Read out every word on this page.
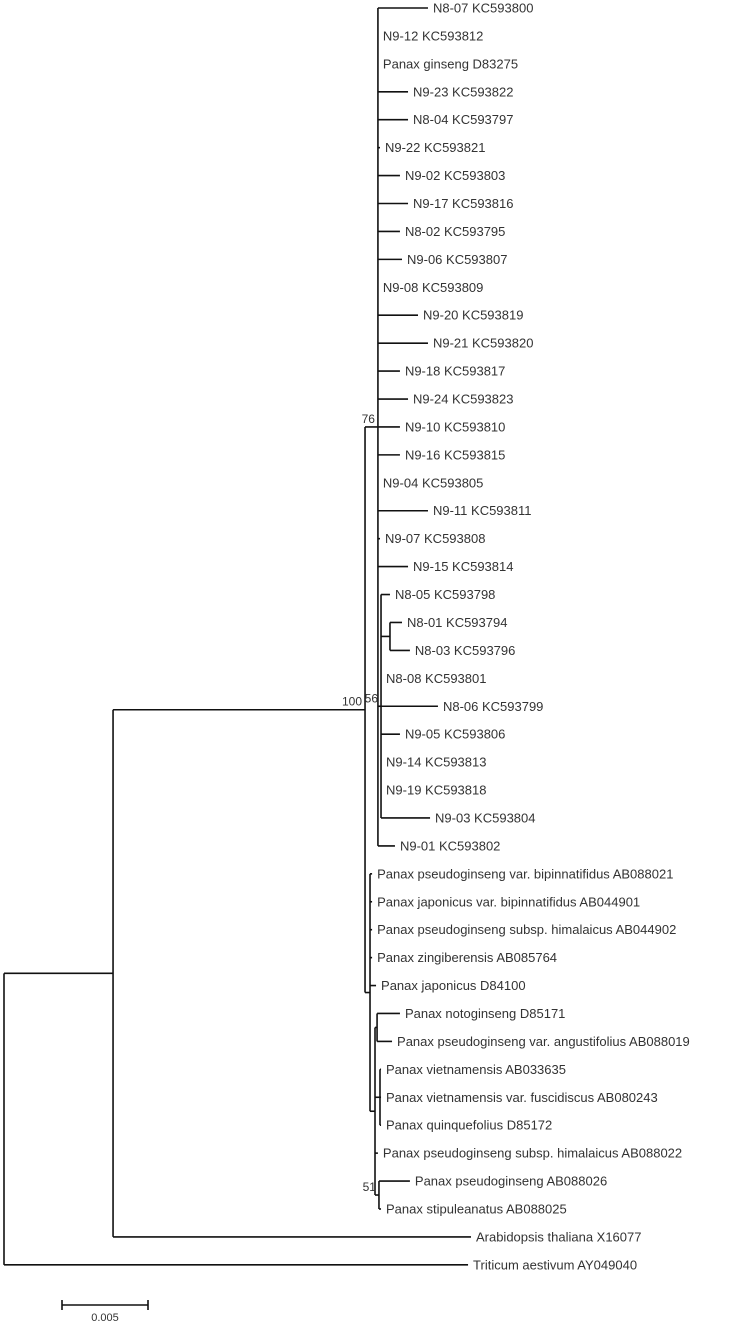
100
76
N8-07 KC593800
N9-12 KC593812
Panax ginseng D83275
N9-23 KC593822
N8-04 KC593797
N9-22 KC593821
N9-02 KC593803
N9-17 KC593816
N8-02 KC593795
N9-06 KC593807
N9-08 KC593809
N9-20 KC593819
N9-21 KC593820
N9-18 KC593817
N9-24 KC593823
N9-10 KC593810
N9-16 KC593815
N9-04 KC593805
N9-11 KC593811
N9-07 KC593808
N9-15 KC593814
56
N8-05 KC593798
N8-01 KC593794
N8-03 KC593796
N8-08 KC593801
N8-06 KC593799
N9-05 KC593806
N9-14 KC593813
N9-19 KC593818
N9-03 KC593804
N9-01 KC593802
Panax pseudoginseng var. bipinnatifidus AB088021
Panax japonicus var. bipinnatifidus AB044901
Panax pseudoginseng subsp. himalaicus AB044902
Panax zingiberensis AB085764
Panax japonicus D84100
Panax notoginseng D85171
Panax pseudoginseng var. angustifolius AB088019
Panax vietnamensis AB033635
Panax vietnamensis var. fuscidiscus AB080243
Panax quinquefolius D85172
Panax pseudoginseng subsp. himalaicus AB088022
51	Panax pseudoginseng AB088026
Panax stipuleanatus AB088025
Arabidopsis thaliana X16077
Triticum aestivum AY049040
0.005
